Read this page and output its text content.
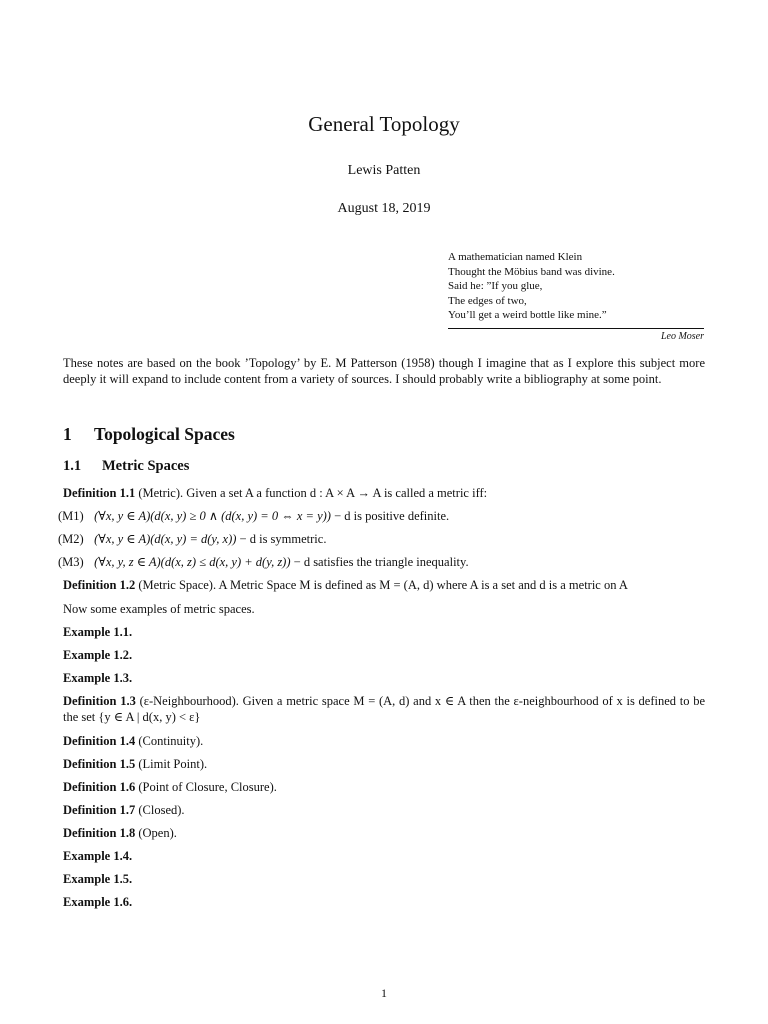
General Topology
Lewis Patten
August 18, 2019
A mathematician named Klein
Thought the Möbius band was divine.
Said he: ”If you glue,
The edges of two,
You’ll get a weird bottle like mine.”
Leo Moser
These notes are based on the book ’Topology’ by E. M Patterson (1958) though I imagine that as I explore this subject more deeply it will expand to include content from a variety of sources. I should probably write a bibliography at some point.
1 Topological Spaces
1.1 Metric Spaces
Definition 1.1 (Metric). Given a set A a function d : A × A → A is called a metric iff:
(M1) (∀x, y ∈ A)(d(x, y) ≥ 0 ∧ (d(x, y) = 0 ⇔ x = y)) − d is positive definite.
(M2) (∀x, y ∈ A)(d(x, y) = d(y, x)) − d is symmetric.
(M3) (∀x, y, z ∈ A)(d(x, z) ≤ d(x, y) + d(y, z)) − d satisfies the triangle inequality.
Definition 1.2 (Metric Space). A Metric Space M is defined as M = (A, d) where A is a set and d is a metric on A
Now some examples of metric spaces.
Example 1.1.
Example 1.2.
Example 1.3.
Definition 1.3 (ε-Neighbourhood). Given a metric space M = (A, d) and x ∈ A then the ε-neighbourhood of x is defined to be the set {y ∈ A | d(x, y) < ε}
Definition 1.4 (Continuity).
Definition 1.5 (Limit Point).
Definition 1.6 (Point of Closure, Closure).
Definition 1.7 (Closed).
Definition 1.8 (Open).
Example 1.4.
Example 1.5.
Example 1.6.
1
